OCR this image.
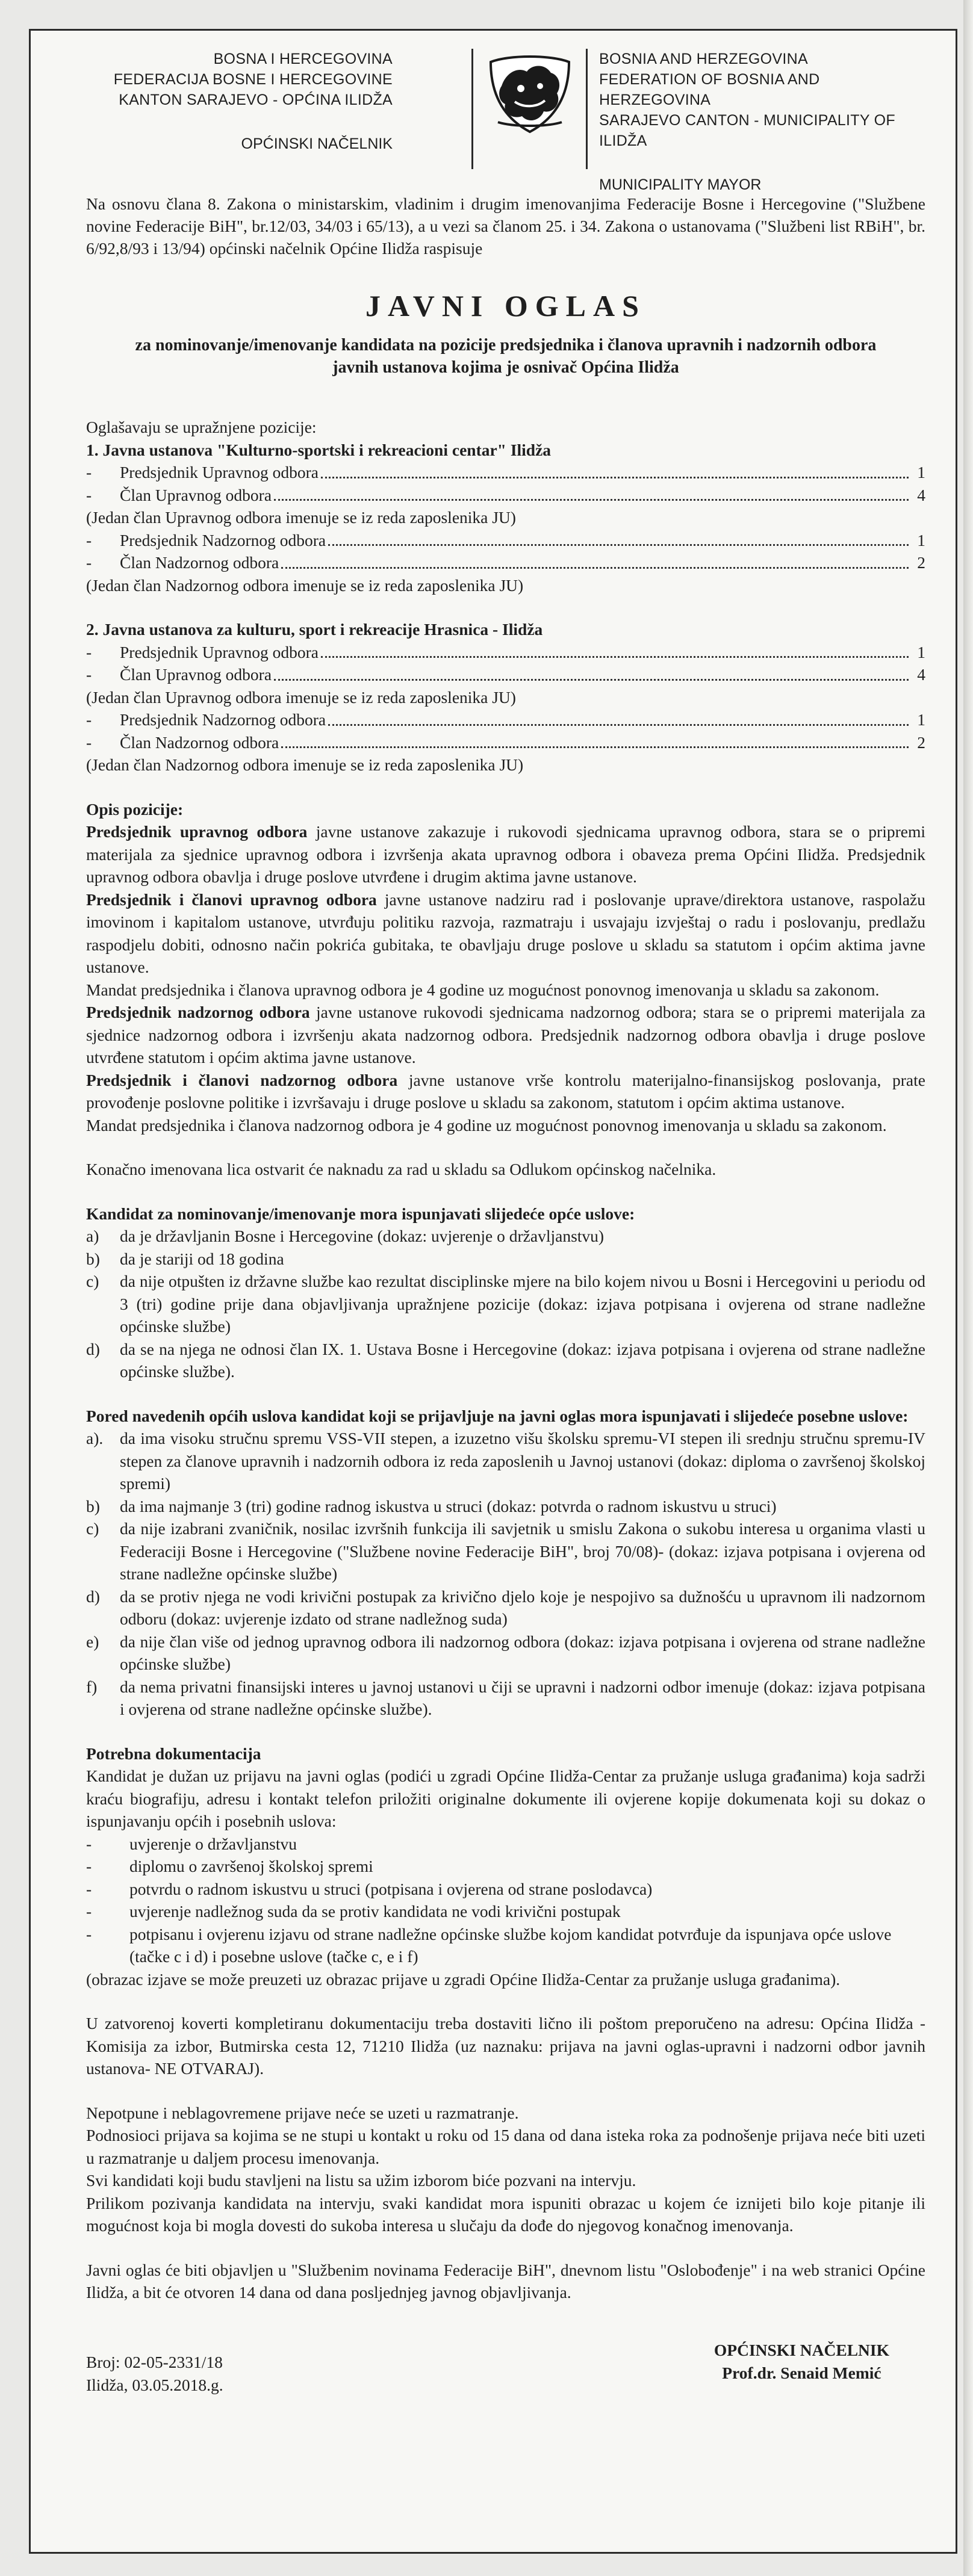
BOSNA I HERCEGOVINA
FEDERACIJA BOSNE I HERCEGOVINE
KANTON SARAJEVO - OPĆINA ILIDŽA
OPĆINSKI NAČELNIK
BOSNIA AND HERZEGOVINA
FEDERATION OF BOSNIA AND HERZEGOVINA
SARAJEVO CANTON - MUNICIPALITY OF ILIDŽA
MUNICIPALITY MAYOR

Na osnovu člana 8. Zakona o ministarskim, vladinim i drugim imenovanjima Federacije Bosne i Hercegovine ("Službene novine Federacije BiH", br.12/03, 34/03 i 65/13), a u vezi sa članom 25. i 34. Zakona o ustanovama ("Službeni list RBiH", br. 6/92,8/93 i 13/94) općinski načelnik Općine Ilidža raspisuje

JAVNI OGLAS
za nominovanje/imenovanje kandidata na pozicije predsjednika i članova upravnih i nadzornih odbora javnih ustanova kojima je osnivač Općina Ilidža

Oglašavaju se upražnjene pozicije:

1. Javna ustanova "Kulturno-sportski i rekreacioni centar" Ilidža

-	Predsjednik Upravnog odbora	1
-	Član Upravnog odbora	4

(Jedan član Upravnog odbora imenuje se iz reda zaposlenika JU)

-	Predsjednik Nadzornog odbora	1
-	Član Nadzornog odbora	2

(Jedan član Nadzornog odbora imenuje se iz reda zaposlenika JU)

2. Javna ustanova za kulturu, sport i rekreacije Hrasnica - Ilidža

-	Predsjednik Upravnog odbora	1
-	Član Upravnog odbora	4

(Jedan član Upravnog odbora imenuje se iz reda zaposlenika JU)

-	Predsjednik Nadzornog odbora	1
-	Član Nadzornog odbora	2

(Jedan član Nadzornog odbora imenuje se iz reda zaposlenika JU)

Opis pozicije:

Predsjednik upravnog odbora javne ustanove zakazuje i rukovodi sjednicama upravnog odbora, stara se o pripremi materijala za sjednice upravnog odbora i izvršenja akata upravnog odbora i obaveza prema Općini Ilidža. Predsjednik upravnog odbora obavlja i druge poslove utvrđene i drugim aktima javne ustanove.

Predsjednik i članovi upravnog odbora javne ustanove nadziru rad i poslovanje uprave/direktora ustanove, raspolažu imovinom i kapitalom ustanove, utvrđuju politiku razvoja, razmatraju i usvajaju izvještaj o radu i poslovanju, predlažu raspodjelu dobiti, odnosno način pokrića gubitaka, te obavljaju druge poslove u skladu sa statutom i općim aktima javne ustanove.

Mandat predsjednika i članova upravnog odbora je 4 godine uz mogućnost ponovnog imenovanja u skladu sa zakonom.

Predsjednik nadzornog odbora javne ustanove rukovodi sjednicama nadzornog odbora; stara se o pripremi materijala za sjednice nadzornog odbora i izvršenju akata nadzornog odbora. Predsjednik nadzornog odbora obavlja i druge poslove utvrđene statutom i općim aktima javne ustanove.

Predsjednik i članovi nadzornog odbora javne ustanove vrše kontrolu materijalno-finansijskog poslovanja, prate provođenje poslovne politike i izvršavaju i druge poslove u skladu sa zakonom, statutom i općim aktima ustanove.

Mandat predsjednika i članova nadzornog odbora je 4 godine uz mogućnost ponovnog imenovanja u skladu sa zakonom.

Konačno imenovana lica ostvarit će naknadu za rad u skladu sa Odlukom općinskog načelnika.

Kandidat za nominovanje/imenovanje mora ispunjavati slijedeće opće uslove:

a)	da je državljanin Bosne i Hercegovine (dokaz: uvjerenje o državljanstvu)
b)	da je stariji od 18 godina
c)	da nije otpušten iz državne službe kao rezultat disciplinske mjere na bilo kojem nivou u Bosni i Hercegovini u periodu od 3 (tri) godine prije dana objavljivanja upražnjene pozicije (dokaz: izjava potpisana i ovjerena od strane nadležne općinske službe)
d)	da se na njega ne odnosi član IX. 1. Ustava Bosne i Hercegovine (dokaz: izjava potpisana i ovjerena od strane nadležne općinske službe).

Pored navedenih općih uslova kandidat koji se prijavljuje na javni oglas mora ispunjavati i slijedeće posebne uslove:

a).	da ima visoku stručnu spremu VSS-VII stepen, a izuzetno višu školsku spremu-VI stepen ili srednju stručnu spremu-IV stepen za članove upravnih i nadzornih odbora iz reda zaposlenih u Javnoj ustanovi (dokaz: diploma o završenoj školskoj spremi)
b)	da ima najmanje 3 (tri) godine radnog iskustva u struci (dokaz: potvrda o radnom iskustvu u struci)
c)	da nije izabrani zvaničnik, nosilac izvršnih funkcija ili savjetnik u smislu Zakona o sukobu interesa u organima vlasti u Federaciji Bosne i Hercegovine ("Službene novine Federacije BiH", broj 70/08)- (dokaz: izjava potpisana i ovjerena od strane nadležne općinske službe)
d)	da se protiv njega ne vodi krivični postupak za krivično djelo koje je nespojivo sa dužnošću u upravnom ili nadzornom odboru (dokaz: uvjerenje izdato od strane nadležnog suda)
e)	da nije član više od jednog upravnog odbora ili nadzornog odbora (dokaz: izjava potpisana i ovjerena od strane nadležne općinske službe)
f)	da nema privatni finansijski interes u javnoj ustanovi u čiji se upravni i nadzorni odbor imenuje (dokaz: izjava potpisana i ovjerena od strane nadležne općinske službe).

Potrebna dokumentacija

Kandidat je dužan uz prijavu na javni oglas (podići u zgradi Općine Ilidža-Centar za pružanje usluga građanima) koja sadrži kraću biografiju, adresu i kontakt telefon priložiti originalne dokumente ili ovjerene kopije dokumenata koji su dokaz o ispunjavanju općih i posebnih uslova:

-	uvjerenje o državljanstvu
-	diplomu o završenoj školskoj spremi
-	potvrdu o radnom iskustvu u struci (potpisana i ovjerena od strane poslodavca)
-	uvjerenje nadležnog suda da se protiv kandidata ne vodi krivični postupak
-	potpisanu i ovjerenu izjavu od strane nadležne općinske službe kojom kandidat potvrđuje da ispunjava opće uslove (tačke c i d) i posebne uslove (tačke c, e i f)

(obrazac izjave se može preuzeti uz obrazac prijave u zgradi Općine Ilidža-Centar za pružanje usluga građanima).

U zatvorenoj koverti kompletiranu dokumentaciju treba dostaviti lično ili poštom preporučeno na adresu: Općina Ilidža - Komisija za izbor, Butmirska cesta 12, 71210 Ilidža (uz naznaku: prijava na javni oglas-upravni i nadzorni odbor javnih ustanova- NE OTVARAJ).

Nepotpune i neblagovremene prijave neće se uzeti u razmatranje.

Podnosioci prijava sa kojima se ne stupi u kontakt u roku od 15 dana od dana isteka roka za podnošenje prijava neće biti uzeti u razmatranje u daljem procesu imenovanja.

Svi kandidati koji budu stavljeni na listu sa užim izborom biće pozvani na intervju.

Prilikom pozivanja kandidata na intervju, svaki kandidat mora ispuniti obrazac u kojem će iznijeti bilo koje pitanje ili mogućnost koja bi mogla dovesti do sukoba interesa u slučaju da dođe do njegovog konačnog imenovanja.

Javni oglas će biti objavljen u "Službenim novinama Federacije BiH", dnevnom listu "Oslobođenje" i na web stranici Općine Ilidža, a bit će otvoren 14 dana od dana posljednjeg javnog objavljivanja.

Broj: 02-05-2331/18
Ilidža, 03.05.2018.g.
OPĆINSKI NAČELNIK
Prof.dr. Senaid Memić
